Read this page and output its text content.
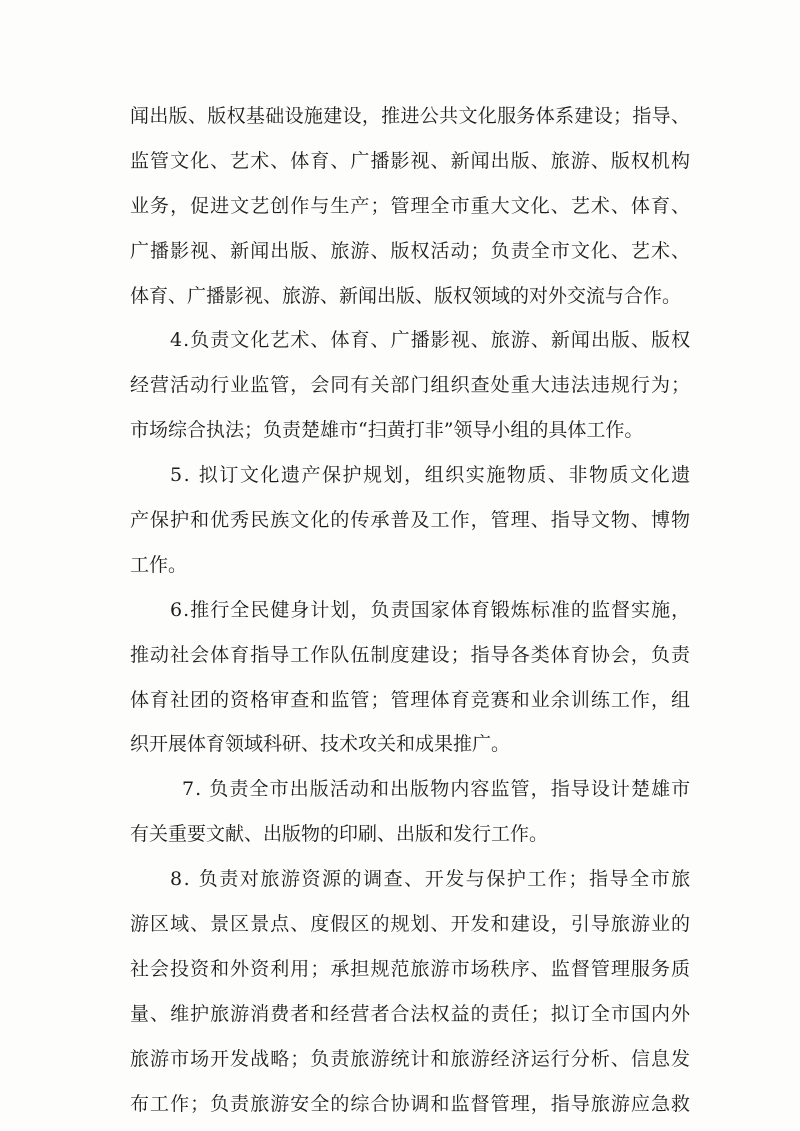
闻出版、版权基础设施建设，推进公共文化服务体系建设；指导、
监管文化、艺术、体育、广播影视、新闻出版、旅游、版权机构
业务，促进文艺创作与生产；管理全市重大文化、艺术、体育、
广播影视、新闻出版、旅游、版权活动；负责全市文化、艺术、
体育、广播影视、旅游、新闻出版、版权领域的对外交流与合作。
4.负责文化艺术、体育、广播影视、旅游、新闻出版、版权
经营活动行业监管，会同有关部门组织查处重大违法违规行为；
市场综合执法；负责楚雄市“扫黄打非”领导小组的具体工作。
5. 拟订文化遗产保护规划，组织实施物质、非物质文化遗
产保护和优秀民族文化的传承普及工作，管理、指导文物、博物
工作。
6.推行全民健身计划，负责国家体育锻炼标准的监督实施，
推动社会体育指导工作队伍制度建设；指导各类体育协会，负责
体育社团的资格审查和监管；管理体育竞赛和业余训练工作，组
织开展体育领域科研、技术攻关和成果推广。
7. 负责全市出版活动和出版物内容监管，指导设计楚雄市
有关重要文献、出版物的印刷、出版和发行工作。
8. 负责对旅游资源的调查、开发与保护工作；指导全市旅
游区域、景区景点、度假区的规划、开发和建设，引导旅游业的
社会投资和外资利用；承担规范旅游市场秩序、监督管理服务质
量、维护旅游消费者和经营者合法权益的责任；拟订全市国内外
旅游市场开发战略；负责旅游统计和旅游经济运行分析、信息发
布工作；负责旅游安全的综合协调和监督管理，指导旅游应急救
